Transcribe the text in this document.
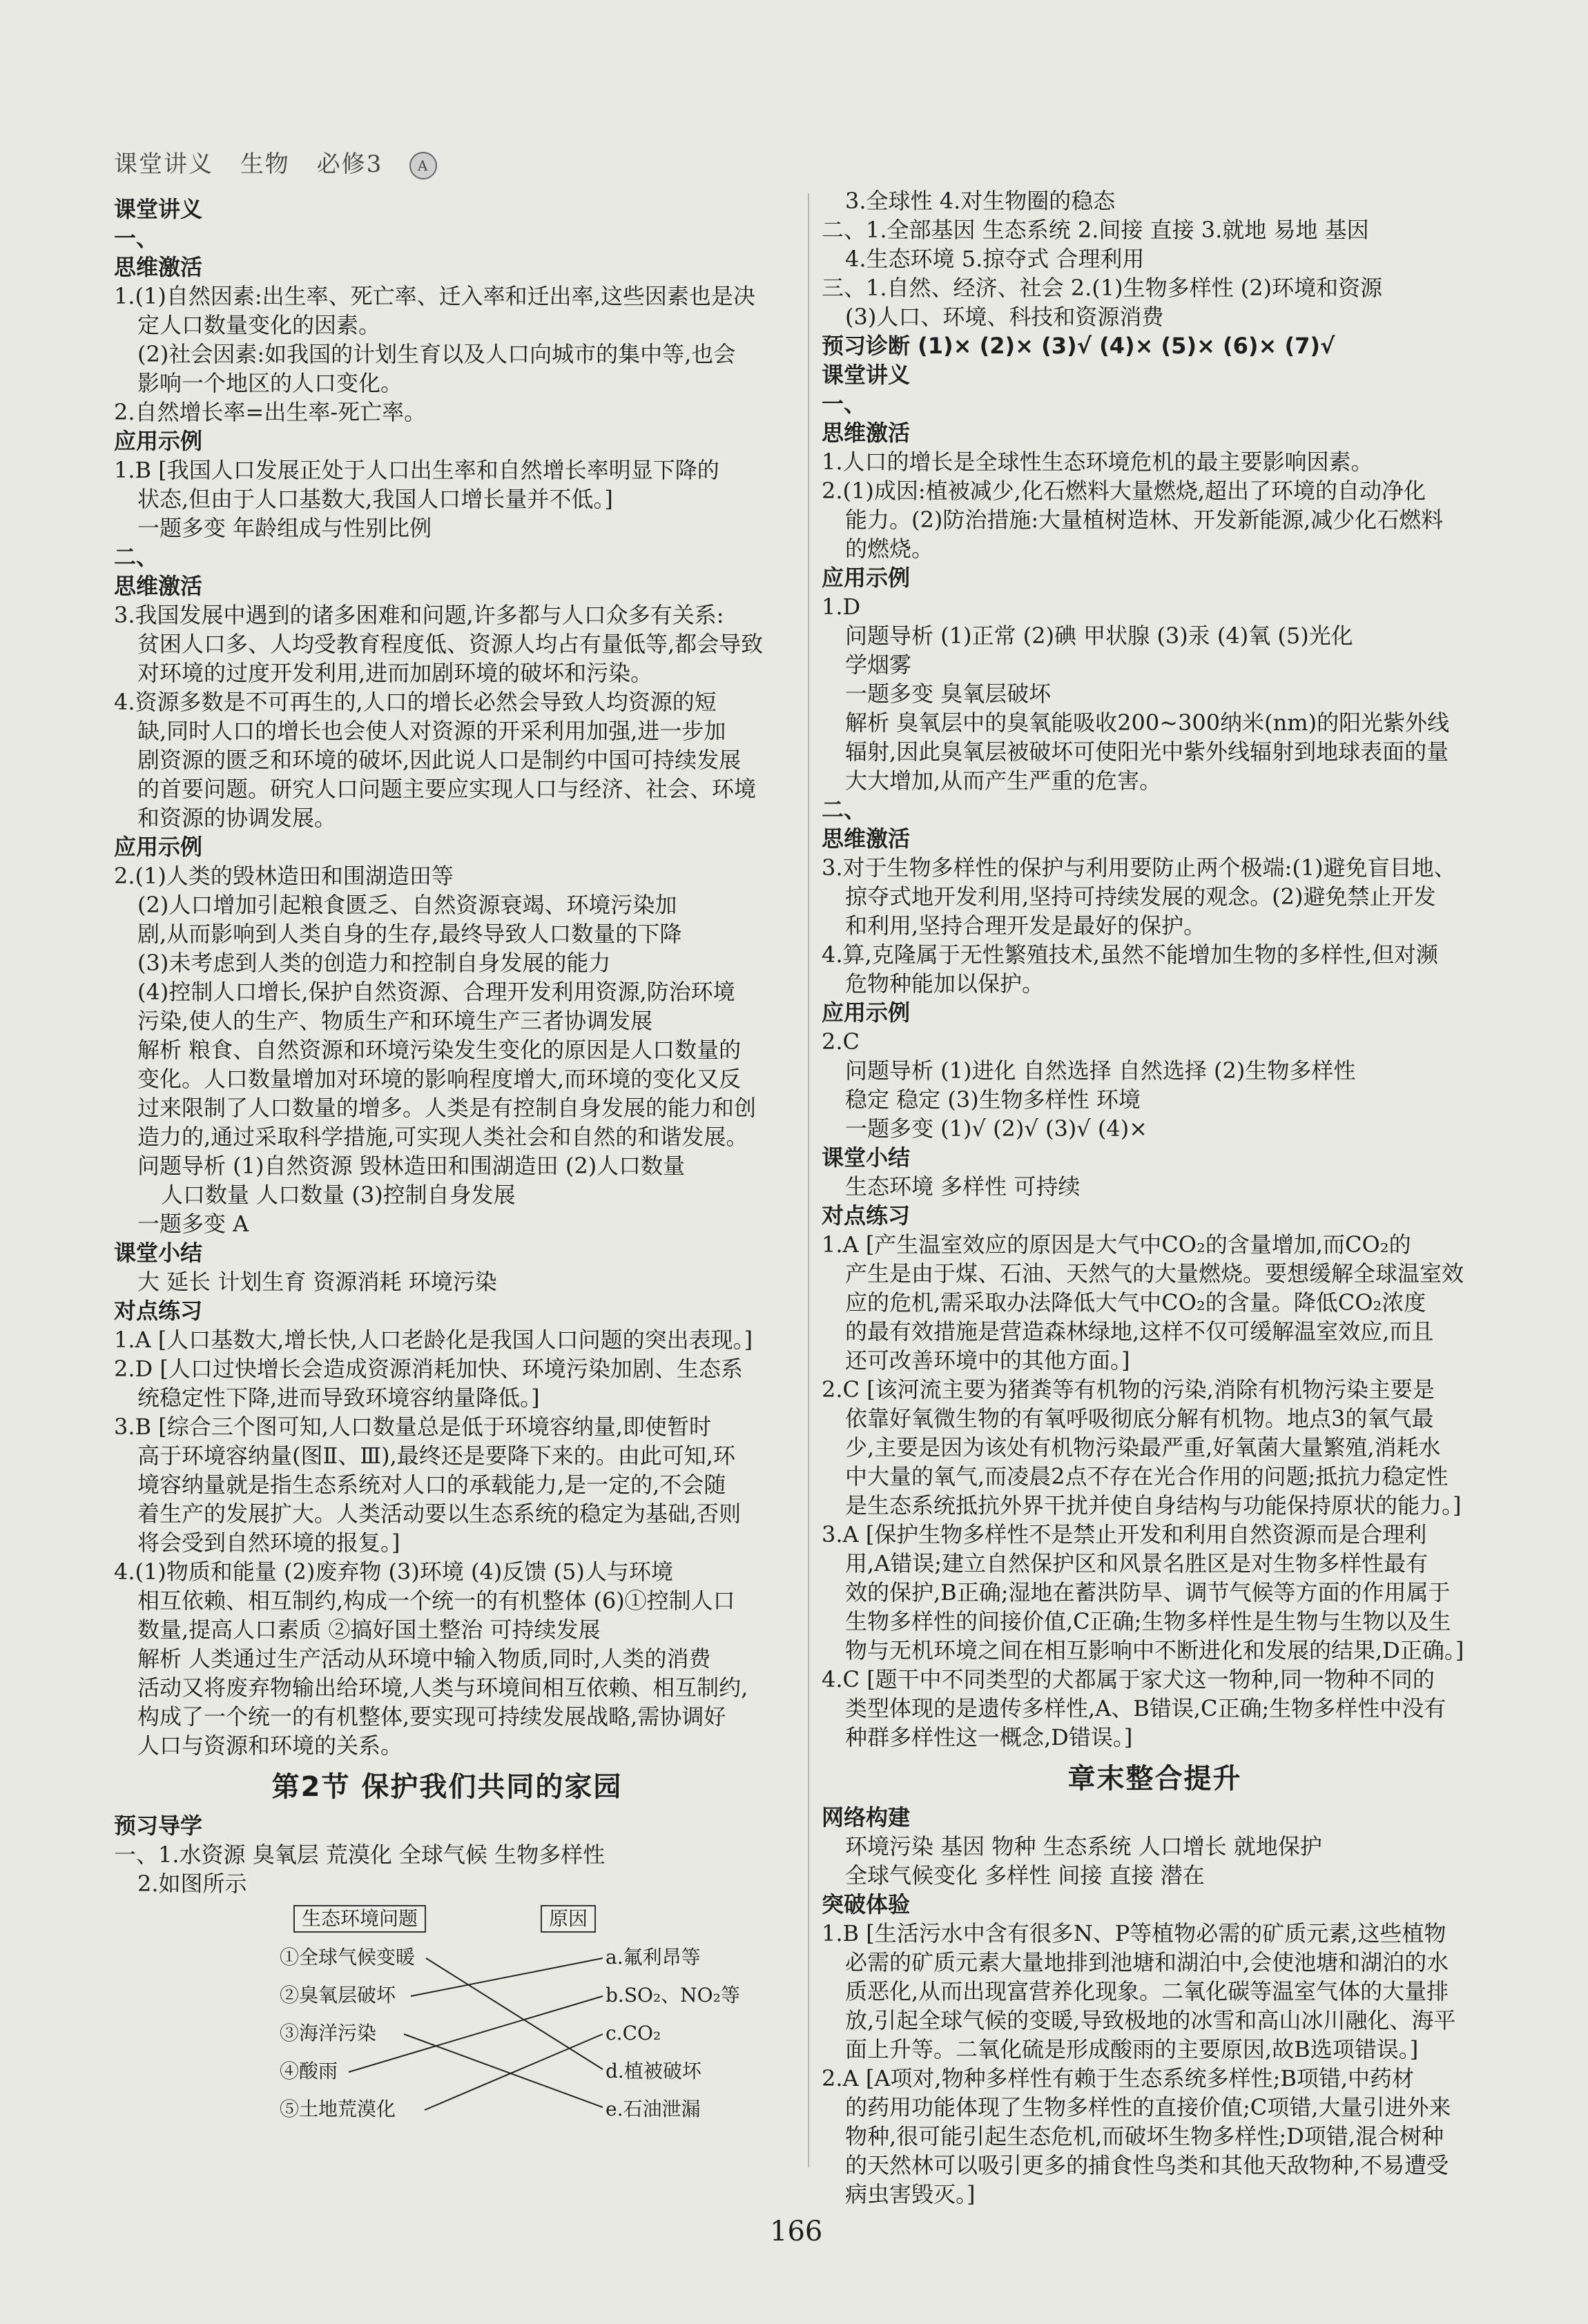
课堂讲义 生物 必修3	A
课堂讲义
一、
思维激活
1.(1)自然因素:出生率、死亡率、迁入率和迁出率,这些因素也是决
定人口数量变化的因素。
(2)社会因素:如我国的计划生育以及人口向城市的集中等,也会
影响一个地区的人口变化。
2.自然增长率=出生率-死亡率。
应用示例
1.B [我国人口发展正处于人口出生率和自然增长率明显下降的
状态,但由于人口基数大,我国人口增长量并不低。]
一题多变 年龄组成与性别比例
二、
思维激活
3.我国发展中遇到的诸多困难和问题,许多都与人口众多有关系:
贫困人口多、人均受教育程度低、资源人均占有量低等,都会导致
对环境的过度开发利用,进而加剧环境的破坏和污染。
4.资源多数是不可再生的,人口的增长必然会导致人均资源的短
缺,同时人口的增长也会使人对资源的开采利用加强,进一步加
剧资源的匮乏和环境的破坏,因此说人口是制约中国可持续发展
的首要问题。研究人口问题主要应实现人口与经济、社会、环境
和资源的协调发展。
应用示例
2.(1)人类的毁林造田和围湖造田等
(2)人口增加引起粮食匮乏、自然资源衰竭、环境污染加
剧,从而影响到人类自身的生存,最终导致人口数量的下降
(3)未考虑到人类的创造力和控制自身发展的能力
(4)控制人口增长,保护自然资源、合理开发利用资源,防治环境
污染,使人的生产、物质生产和环境生产三者协调发展
解析 粮食、自然资源和环境污染发生变化的原因是人口数量的
变化。人口数量增加对环境的影响程度增大,而环境的变化又反
过来限制了人口数量的增多。人类是有控制自身发展的能力和创
造力的,通过采取科学措施,可实现人类社会和自然的和谐发展。
问题导析 (1)自然资源 毁林造田和围湖造田 (2)人口数量
人口数量 人口数量 (3)控制自身发展
一题多变 A
课堂小结
大 延长 计划生育 资源消耗 环境污染
对点练习
1.A [人口基数大,增长快,人口老龄化是我国人口问题的突出表现。]
2.D [人口过快增长会造成资源消耗加快、环境污染加剧、生态系
统稳定性下降,进而导致环境容纳量降低。]
3.B [综合三个图可知,人口数量总是低于环境容纳量,即使暂时
高于环境容纳量(图Ⅱ、Ⅲ),最终还是要降下来的。由此可知,环
境容纳量就是指生态系统对人口的承载能力,是一定的,不会随
着生产的发展扩大。人类活动要以生态系统的稳定为基础,否则
将会受到自然环境的报复。]
4.(1)物质和能量 (2)废弃物 (3)环境 (4)反馈 (5)人与环境
相互依赖、相互制约,构成一个统一的有机整体 (6)①控制人口
数量,提高人口素质 ②搞好国土整治 可持续发展
解析 人类通过生产活动从环境中输入物质,同时,人类的消费
活动又将废弃物输出给环境,人类与环境间相互依赖、相互制约,
构成了一个统一的有机整体,要实现可持续发展战略,需协调好
人口与资源和环境的关系。
第2节 保护我们共同的家园
预习导学
一、1.水资源 臭氧层 荒漠化 全球气候 生物多样性
2.如图所示
生态环境问题	原因
①全球气候变暖
②臭氧层破坏
③海洋污染
④酸雨
⑤土地荒漠化
a.氟利昂等
b.SO₂、NO₂等
c.CO₂
d.植被破坏
e.石油泄漏
3.全球性 4.对生物圈的稳态
二、1.全部基因 生态系统 2.间接 直接 3.就地 易地 基因
4.生态环境 5.掠夺式 合理利用
三、1.自然、经济、社会 2.(1)生物多样性 (2)环境和资源
(3)人口、环境、科技和资源消费
预习诊断 (1)× (2)× (3)√ (4)× (5)× (6)× (7)√
课堂讲义
一、
思维激活
1.人口的增长是全球性生态环境危机的最主要影响因素。
2.(1)成因:植被减少,化石燃料大量燃烧,超出了环境的自动净化
能力。(2)防治措施:大量植树造林、开发新能源,减少化石燃料
的燃烧。
应用示例
1.D
问题导析 (1)正常 (2)碘 甲状腺 (3)汞 (4)氧 (5)光化
学烟雾
一题多变 臭氧层破坏
解析 臭氧层中的臭氧能吸收200~300纳米(nm)的阳光紫外线
辐射,因此臭氧层被破坏可使阳光中紫外线辐射到地球表面的量
大大增加,从而产生严重的危害。
二、
思维激活
3.对于生物多样性的保护与利用要防止两个极端:(1)避免盲目地、
掠夺式地开发利用,坚持可持续发展的观念。(2)避免禁止开发
和利用,坚持合理开发是最好的保护。
4.算,克隆属于无性繁殖技术,虽然不能增加生物的多样性,但对濒
危物种能加以保护。
应用示例
2.C
问题导析 (1)进化 自然选择 自然选择 (2)生物多样性
稳定 稳定 (3)生物多样性 环境
一题多变 (1)√ (2)√ (3)√ (4)×
课堂小结
生态环境 多样性 可持续
对点练习
1.A [产生温室效应的原因是大气中CO₂的含量增加,而CO₂的
产生是由于煤、石油、天然气的大量燃烧。要想缓解全球温室效
应的危机,需采取办法降低大气中CO₂的含量。降低CO₂浓度
的最有效措施是营造森林绿地,这样不仅可缓解温室效应,而且
还可改善环境中的其他方面。]
2.C [该河流主要为猪粪等有机物的污染,消除有机物污染主要是
依靠好氧微生物的有氧呼吸彻底分解有机物。地点3的氧气最
少,主要是因为该处有机物污染最严重,好氧菌大量繁殖,消耗水
中大量的氧气,而凌晨2点不存在光合作用的问题;抵抗力稳定性
是生态系统抵抗外界干扰并使自身结构与功能保持原状的能力。]
3.A [保护生物多样性不是禁止开发和利用自然资源而是合理利
用,A错误;建立自然保护区和风景名胜区是对生物多样性最有
效的保护,B正确;湿地在蓄洪防旱、调节气候等方面的作用属于
生物多样性的间接价值,C正确;生物多样性是生物与生物以及生
物与无机环境之间在相互影响中不断进化和发展的结果,D正确。]
4.C [题干中不同类型的犬都属于家犬这一物种,同一物种不同的
类型体现的是遗传多样性,A、B错误,C正确;生物多样性中没有
种群多样性这一概念,D错误。]
章末整合提升
网络构建
环境污染 基因 物种 生态系统 人口增长 就地保护
全球气候变化 多样性 间接 直接 潜在
突破体验
1.B [生活污水中含有很多N、P等植物必需的矿质元素,这些植物
必需的矿质元素大量地排到池塘和湖泊中,会使池塘和湖泊的水
质恶化,从而出现富营养化现象。二氧化碳等温室气体的大量排
放,引起全球气候的变暖,导致极地的冰雪和高山冰川融化、海平
面上升等。二氧化硫是形成酸雨的主要原因,故B选项错误。]
2.A [A项对,物种多样性有赖于生态系统多样性;B项错,中药材
的药用功能体现了生物多样性的直接价值;C项错,大量引进外来
物种,很可能引起生态危机,而破坏生物多样性;D项错,混合树种
的天然林可以吸引更多的捕食性鸟类和其他天敌物种,不易遭受
病虫害毁灭。]
166
